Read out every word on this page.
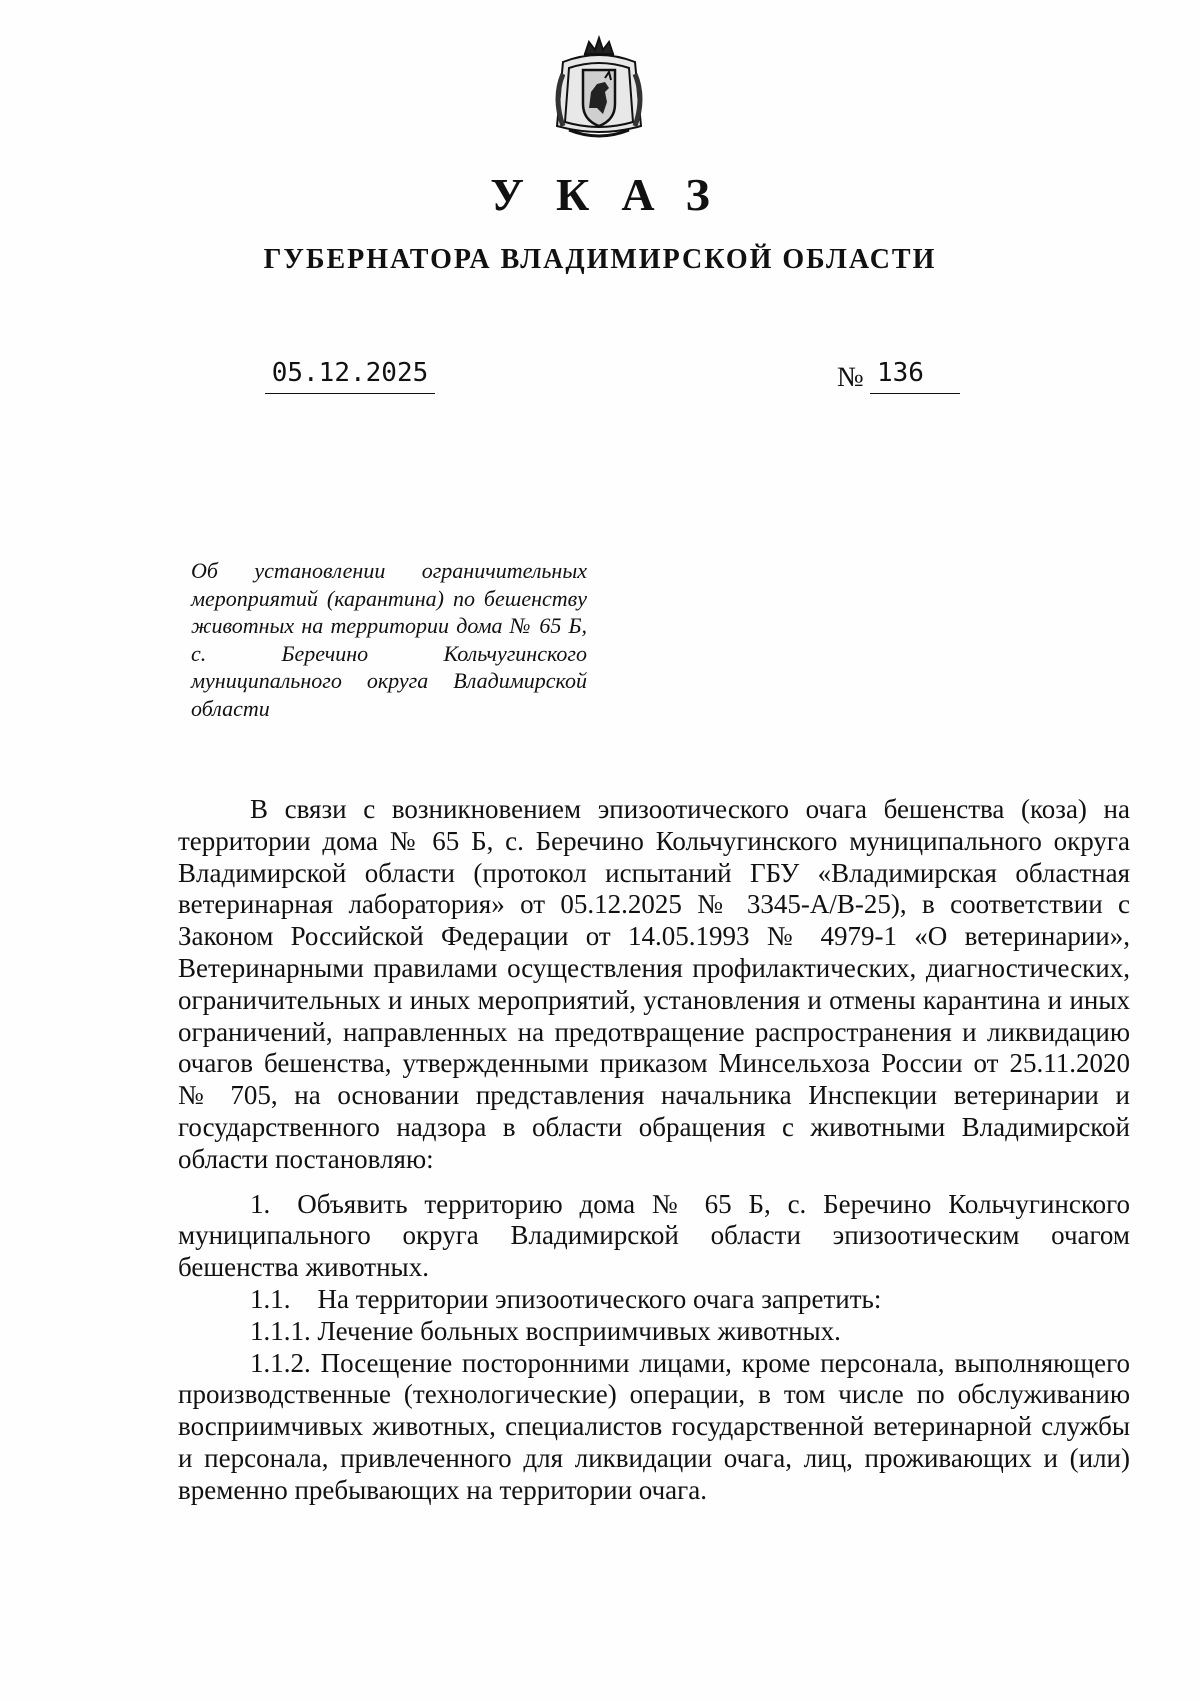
УКАЗ
ГУБЕРНАТОРА ВЛАДИМИРСКОЙ ОБЛАСТИ
05.12.2025	№ 136
Об установлении ограничительных мероприятий (карантина) по бешенству животных на территории дома № 65 Б, с. Беречино Кольчугинского муниципального округа Владимирской области

В связи с возникновением эпизоотического очага бешенства (коза) на территории дома № 65 Б, с. Беречино Кольчугинского муниципального округа Владимирской области (протокол испытаний ГБУ «Владимирская областная ветеринарная лаборатория» от 05.12.2025 № 3345-А/В-25), в соответствии с Законом Российской Федерации от 14.05.1993 № 4979-1 «О ветеринарии», Ветеринарными правилами осуществления профилактических, диагностических, ограничительных и иных мероприятий, установления и отмены карантина и иных ограничений, направленных на предотвращение распространения и ликвидацию очагов бешенства, утвержденными приказом Минсельхоза России от 25.11.2020 № 705, на основании представления начальника Инспекции ветеринарии и государственного надзора в области обращения с животными Владимирской области постановляю:

1. Объявить территорию дома № 65 Б, с. Беречино Кольчугинского муниципального округа Владимирской области эпизоотическим очагом бешенства животных.

1.1. На территории эпизоотического очага запретить:

1.1.1. Лечение больных восприимчивых животных.

1.1.2. Посещение посторонними лицами, кроме персонала, выполняющего производственные (технологические) операции, в том числе по обслуживанию восприимчивых животных, специалистов государственной ветеринарной службы и персонала, привлеченного для ликвидации очага, лиц, проживающих и (или) временно пребывающих на территории очага.
